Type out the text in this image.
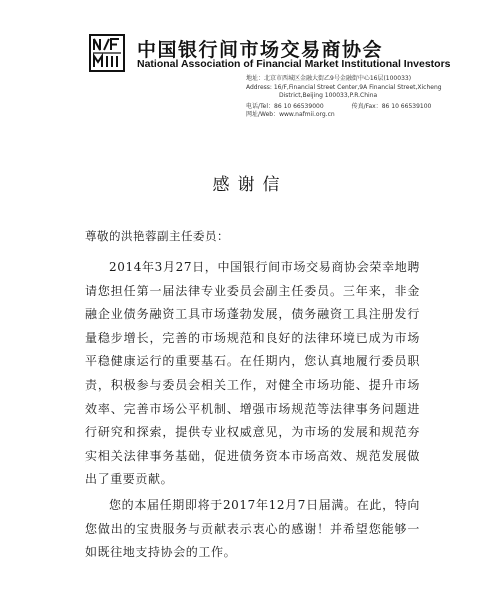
中国银行间市场交易商协会

National Association of Financial Market Institutional Investors

地址：北京市西城区金融大街乙9号金融街中心16层(100033)
Address: 16/F,Financial Street Center,9A Financial Street,Xicheng
District,Beijing 100033,P.R.China
电话/Tel：86 10 66539000	传真/Fax：86 10 66539100
网址/Web：www.nafmii.org.cn
感谢信

尊敬的洪艳蓉副主任委员：

2014年3月27日，中国银行间市场交易商协会荣幸地聘请您担任第一届法律专业委员会副主任委员。三年来，非金融企业债务融资工具市场蓬勃发展，债务融资工具注册发行量稳步增长，完善的市场规范和良好的法律环境已成为市场平稳健康运行的重要基石。在任期内，您认真地履行委员职责，积极参与委员会相关工作，对健全市场功能、提升市场效率、完善市场公平机制、增强市场规范等法律事务问题进行研究和探索，提供专业权威意见，为市场的发展和规范夯实相关法律事务基础，促进债务资本市场高效、规范发展做出了重要贡献。

您的本届任期即将于2017年12月7日届满。在此，特向您做出的宝贵服务与贡献表示衷心的感谢！并希望您能够一如既往地支持协会的工作。
